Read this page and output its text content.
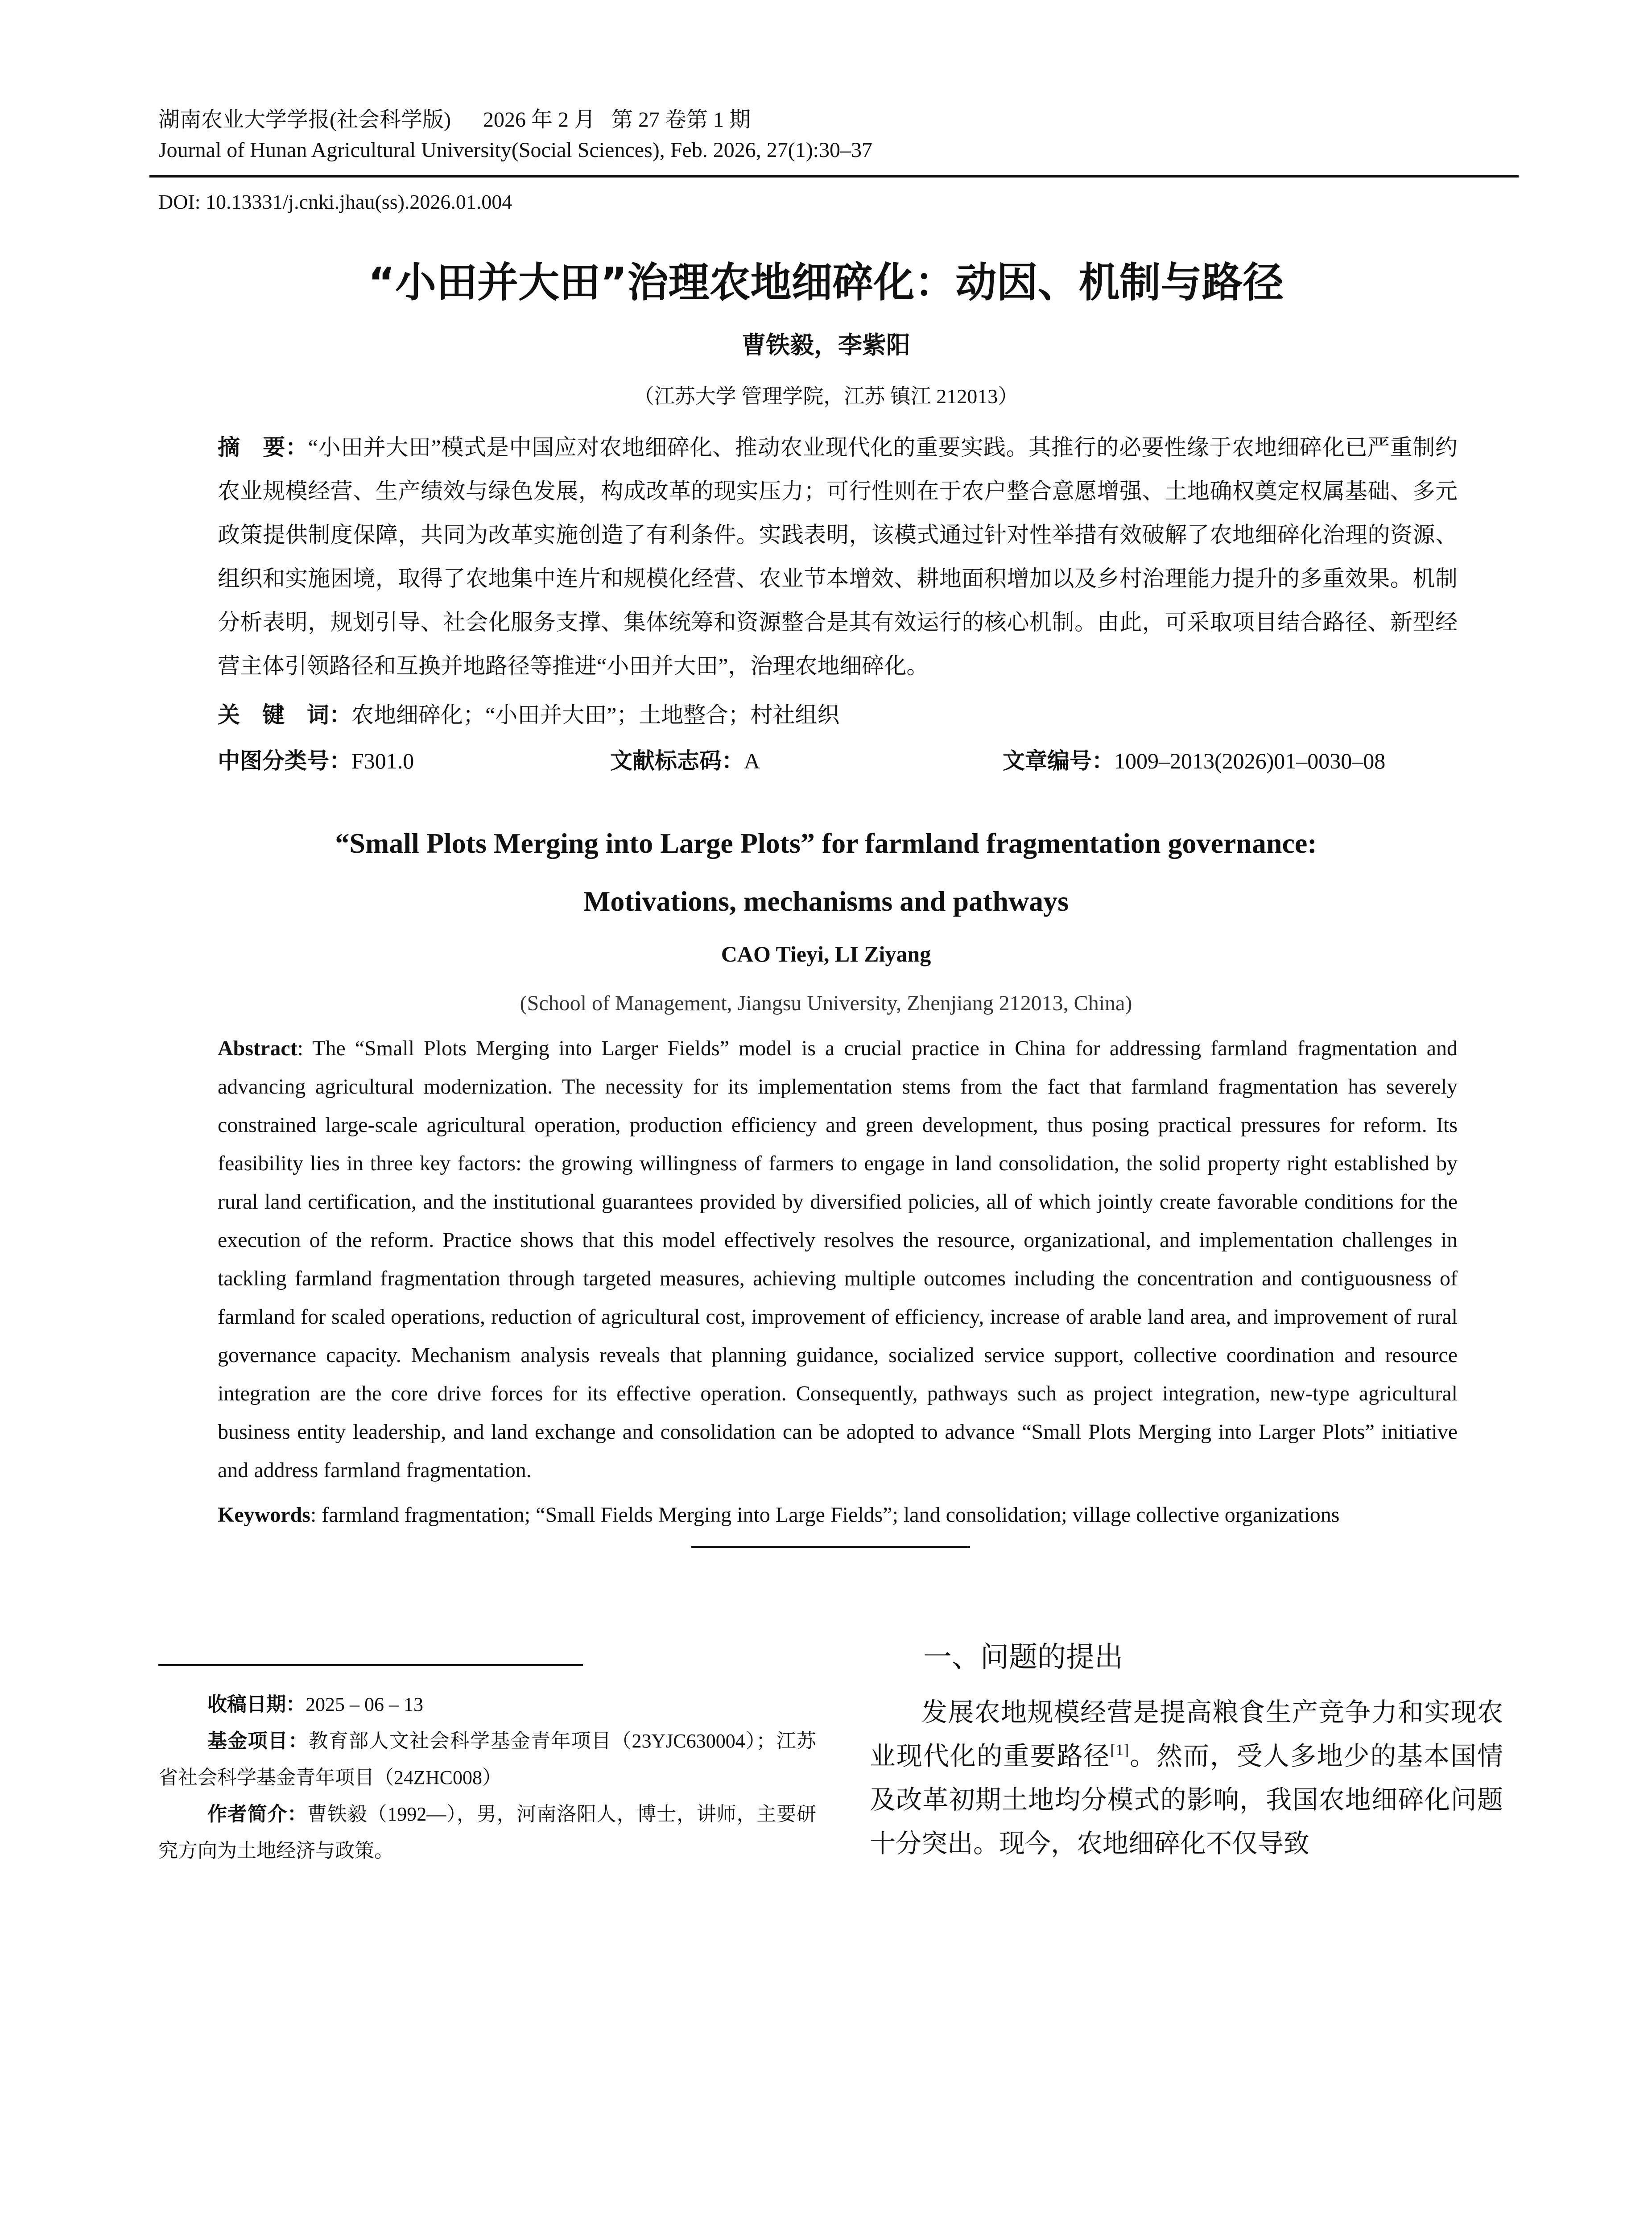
湖南农业大学学报(社会科学版) 2026 年 2 月 第 27 卷第 1 期
Journal of Hunan Agricultural University(Social Sciences), Feb. 2026, 27(1):30–37
DOI: 10.13331/j.cnki.jhau(ss).2026.01.004
“小田并大田”治理农地细碎化：动因、机制与路径
曹铁毅，李紫阳
（江苏大学 管理学院，江苏 镇江 212013）
摘　要：“小田并大田”模式是中国应对农地细碎化、推动农业现代化的重要实践。其推行的必要性缘于农地细碎化已严重制约农业规模经营、生产绩效与绿色发展，构成改革的现实压力；可行性则在于农户整合意愿增强、土地确权奠定权属基础、多元政策提供制度保障，共同为改革实施创造了有利条件。实践表明，该模式通过针对性举措有效破解了农地细碎化治理的资源、组织和实施困境，取得了农地集中连片和规模化经营、农业节本增效、耕地面积增加以及乡村治理能力提升的多重效果。机制分析表明，规划引导、社会化服务支撑、集体统筹和资源整合是其有效运行的核心机制。由此，可采取项目结合路径、新型经营主体引领路径和互换并地路径等推进“小田并大田”，治理农地细碎化。
关　键　词：农地细碎化；“小田并大田”；土地整合；村社组织
中图分类号：F301.0	文献标志码：A	文章编号：1009–2013(2026)01–0030–08
“Small Plots Merging into Large Plots” for farmland fragmentation governance:
Motivations, mechanisms and pathways
CAO Tieyi, LI Ziyang
(School of Management, Jiangsu University, Zhenjiang 212013, China)
Abstract: The “Small Plots Merging into Larger Fields” model is a crucial practice in China for addressing farmland fragmentation and advancing agricultural modernization. The necessity for its implementation stems from the fact that farmland fragmentation has severely constrained large-scale agricultural operation, production efficiency and green development, thus posing practical pressures for reform. Its feasibility lies in three key factors: the growing willingness of farmers to engage in land consolidation, the solid property right established by rural land certification, and the institutional guarantees provided by diversified policies, all of which jointly create favorable conditions for the execution of the reform. Practice shows that this model effectively resolves the resource, organizational, and implementation challenges in tackling farmland fragmentation through targeted measures, achieving multiple outcomes including the concentration and contiguousness of farmland for scaled operations, reduction of agricultural cost, improvement of efficiency, increase of arable land area, and improvement of rural governance capacity. Mechanism analysis reveals that planning guidance, socialized service support, collective coordination and resource integration are the core drive forces for its effective operation. Consequently, pathways such as project integration, new-type agricultural business entity leadership, and land exchange and consolidation can be adopted to advance “Small Plots Merging into Larger Plots” initiative and address farmland fragmentation.
Keywords: farmland fragmentation; “Small Fields Merging into Large Fields”; land consolidation; village collective organizations

收稿日期：2025 – 06 – 13

基金项目：教育部人文社会科学基金青年项目（23YJC630004）；江苏省社会科学基金青年项目（24ZHC008）

作者简介：曹铁毅（1992—），男，河南洛阳人，博士，讲师，主要研究方向为土地经济与政策。

一、问题的提出

发展农地规模经营是提高粮食生产竞争力和实现农业现代化的重要路径[1]。然而，受人多地少的基本国情及改革初期土地均分模式的影响，我国农地细碎化问题十分突出。现今，农地细碎化不仅导致
